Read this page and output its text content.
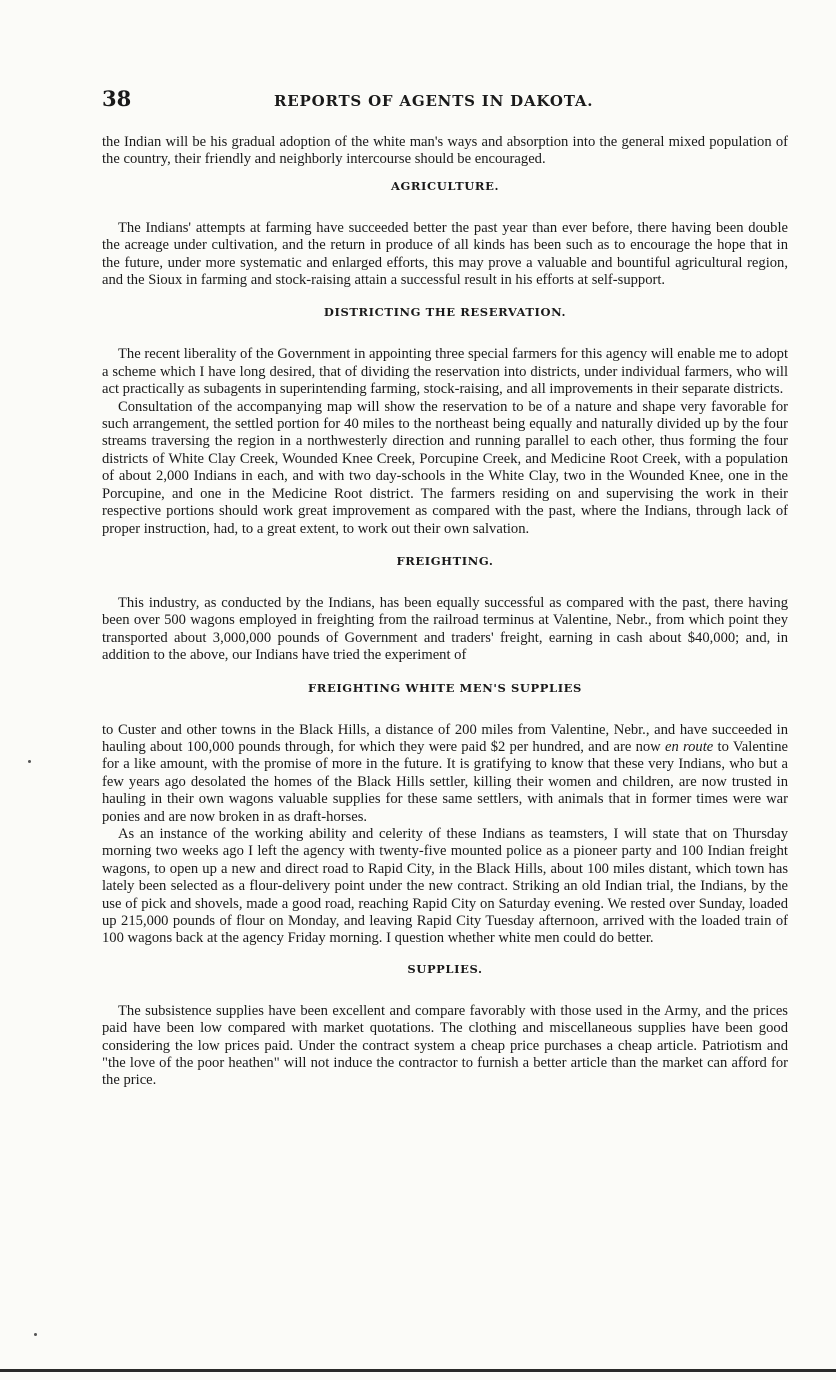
38	REPORTS OF AGENTS IN DAKOTA.

the Indian will be his gradual adoption of the white man's ways and absorption into the general mixed population of the country, their friendly and neighborly intercourse should be encouraged.

AGRICULTURE.

The Indians' attempts at farming have succeeded better the past year than ever before, there having been double the acreage under cultivation, and the return in produce of all kinds has been such as to encourage the hope that in the future, under more systematic and enlarged efforts, this may prove a valuable and bountiful agricultural region, and the Sioux in farming and stock-raising attain a successful result in his efforts at self-support.

DISTRICTING THE RESERVATION.

The recent liberality of the Government in appointing three special farmers for this agency will enable me to adopt a scheme which I have long desired, that of dividing the reservation into districts, under individual farmers, who will act practically as subagents in superintending farming, stock-raising, and all improvements in their separate districts.

Consultation of the accompanying map will show the reservation to be of a nature and shape very favorable for such arrangement, the settled portion for 40 miles to the northeast being equally and naturally divided up by the four streams traversing the region in a northwesterly direction and running parallel to each other, thus forming the four districts of White Clay Creek, Wounded Knee Creek, Porcupine Creek, and Medicine Root Creek, with a population of about 2,000 Indians in each, and with two day-schools in the White Clay, two in the Wounded Knee, one in the Porcupine, and one in the Medicine Root district. The farmers residing on and supervising the work in their respective portions should work great improvement as compared with the past, where the Indians, through lack of proper instruction, had, to a great extent, to work out their own salvation.

FREIGHTING.

This industry, as conducted by the Indians, has been equally successful as compared with the past, there having been over 500 wagons employed in freighting from the railroad terminus at Valentine, Nebr., from which point they transported about 3,000,000 pounds of Government and traders' freight, earning in cash about $40,000; and, in addition to the above, our Indians have tried the experiment of

FREIGHTING WHITE MEN'S SUPPLIES

to Custer and other towns in the Black Hills, a distance of 200 miles from Valentine, Nebr., and have succeeded in hauling about 100,000 pounds through, for which they were paid $2 per hundred, and are now en route to Valentine for a like amount, with the promise of more in the future. It is gratifying to know that these very Indians, who but a few years ago desolated the homes of the Black Hills settler, killing their women and children, are now trusted in hauling in their own wagons valuable supplies for these same settlers, with animals that in former times were war ponies and are now broken in as draft-horses.

As an instance of the working ability and celerity of these Indians as teamsters, I will state that on Thursday morning two weeks ago I left the agency with twenty-five mounted police as a pioneer party and 100 Indian freight wagons, to open up a new and direct road to Rapid City, in the Black Hills, about 100 miles distant, which town has lately been selected as a flour-delivery point under the new contract. Striking an old Indian trial, the Indians, by the use of pick and shovels, made a good road, reaching Rapid City on Saturday evening. We rested over Sunday, loaded up 215,000 pounds of flour on Monday, and leaving Rapid City Tuesday afternoon, arrived with the loaded train of 100 wagons back at the agency Friday morning. I question whether white men could do better.

SUPPLIES.

The subsistence supplies have been excellent and compare favorably with those used in the Army, and the prices paid have been low compared with market quotations. The clothing and miscellaneous supplies have been good considering the low prices paid. Under the contract system a cheap price purchases a cheap article. Patriotism and "the love of the poor heathen" will not induce the contractor to furnish a better article than the market can afford for the price.
